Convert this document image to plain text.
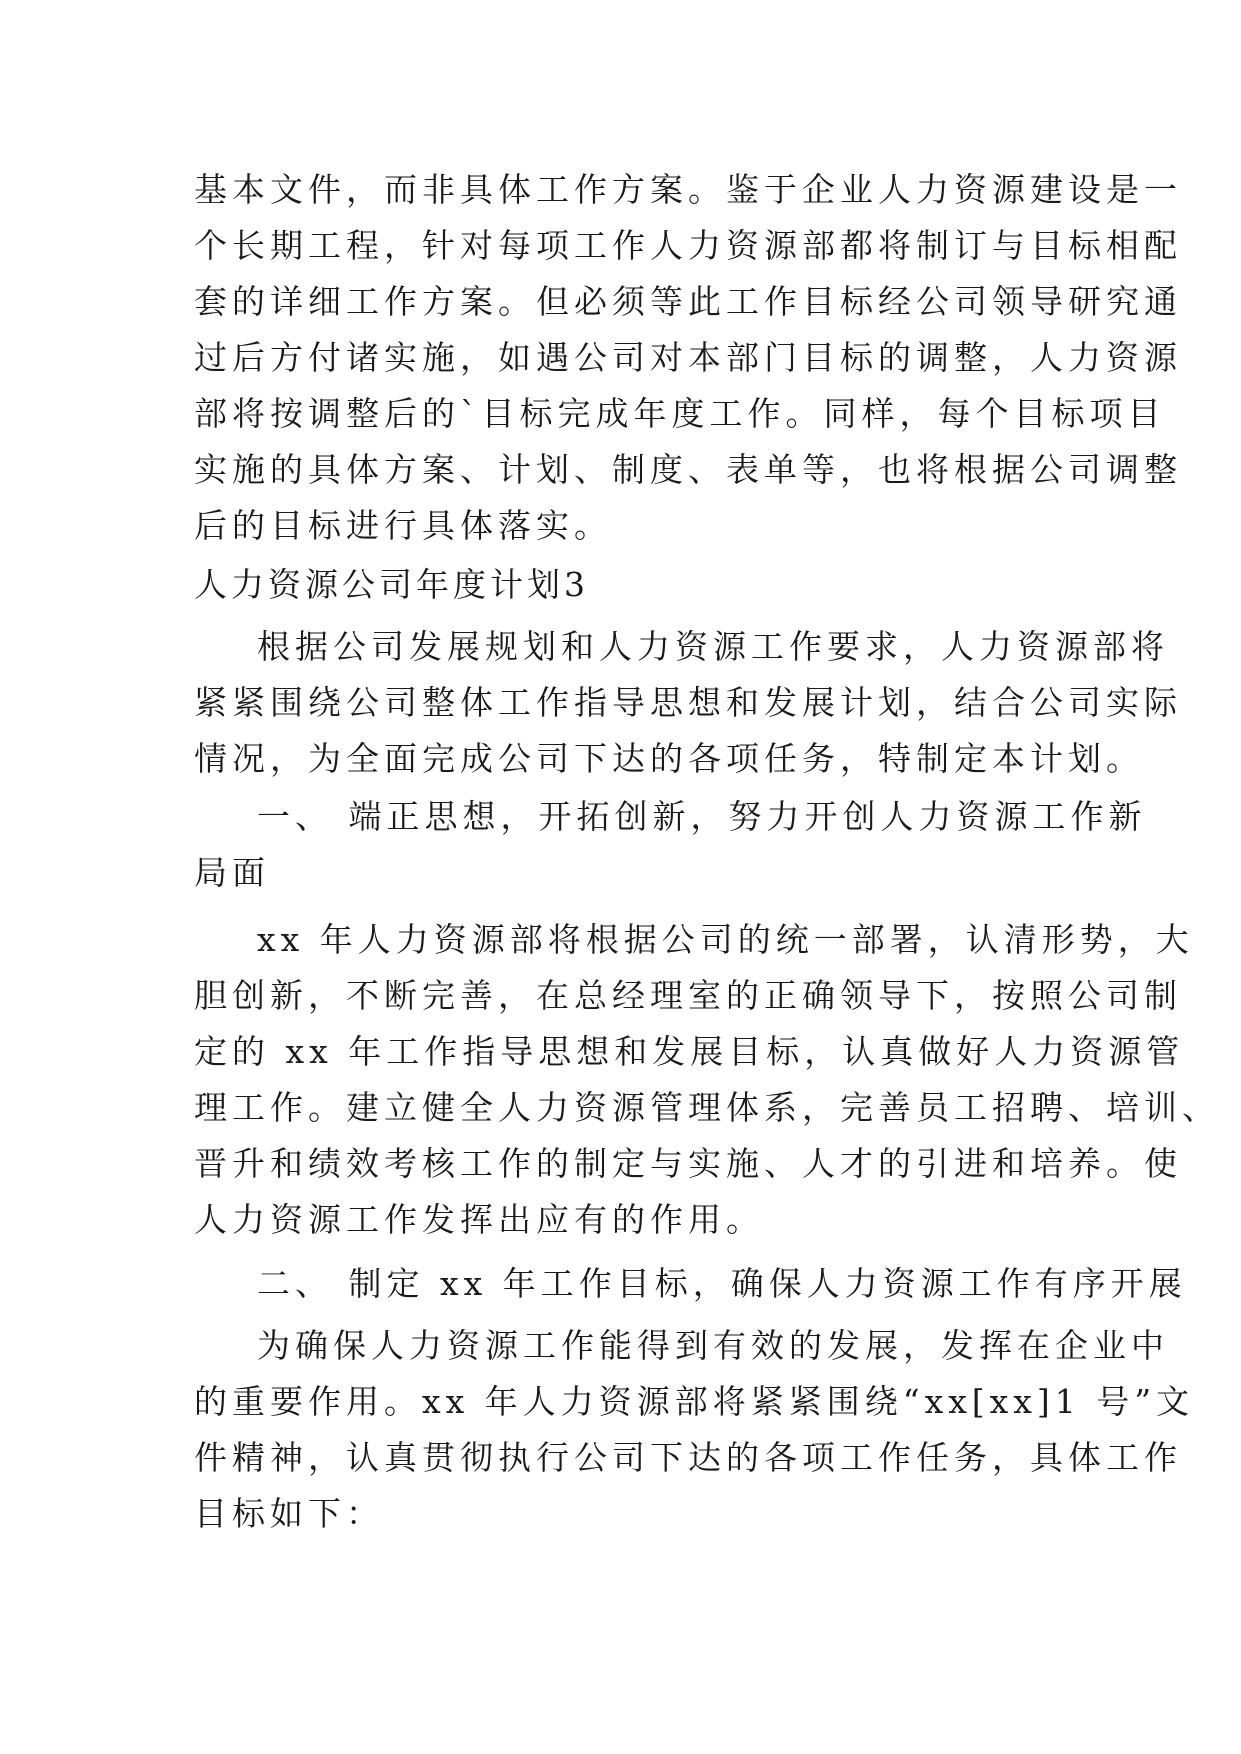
基本文件，而非具体工作方案。鉴于企业人力资源建设是一
个长期工程，针对每项工作人力资源部都将制订与目标相配
套的详细工作方案。但必须等此工作目标经公司领导研究通
过后方付诸实施，如遇公司对本部门目标的调整，人力资源
部将按调整后的`目标完成年度工作。同样，每个目标项目
实施的具体方案、计划、制度、表单等，也将根据公司调整
后的目标进行具体落实。
人力资源公司年度计划3
根据公司发展规划和人力资源工作要求，人力资源部将
紧紧围绕公司整体工作指导思想和发展计划，结合公司实际
情况，为全面完成公司下达的各项任务，特制定本计划。
一、 端正思想，开拓创新，努力开创人力资源工作新
局面
xx 年人力资源部将根据公司的统一部署，认清形势，大
胆创新，不断完善，在总经理室的正确领导下，按照公司制
定的 xx 年工作指导思想和发展目标，认真做好人力资源管
理工作。建立健全人力资源管理体系，完善员工招聘、培训、
晋升和绩效考核工作的制定与实施、人才的引进和培养。使
人力资源工作发挥出应有的作用。
二、 制定 xx 年工作目标，确保人力资源工作有序开展
为确保人力资源工作能得到有效的发展，发挥在企业中
的重要作用。xx 年人力资源部将紧紧围绕“xx[xx]1 号”文
件精神，认真贯彻执行公司下达的各项工作任务，具体工作
目标如下：
